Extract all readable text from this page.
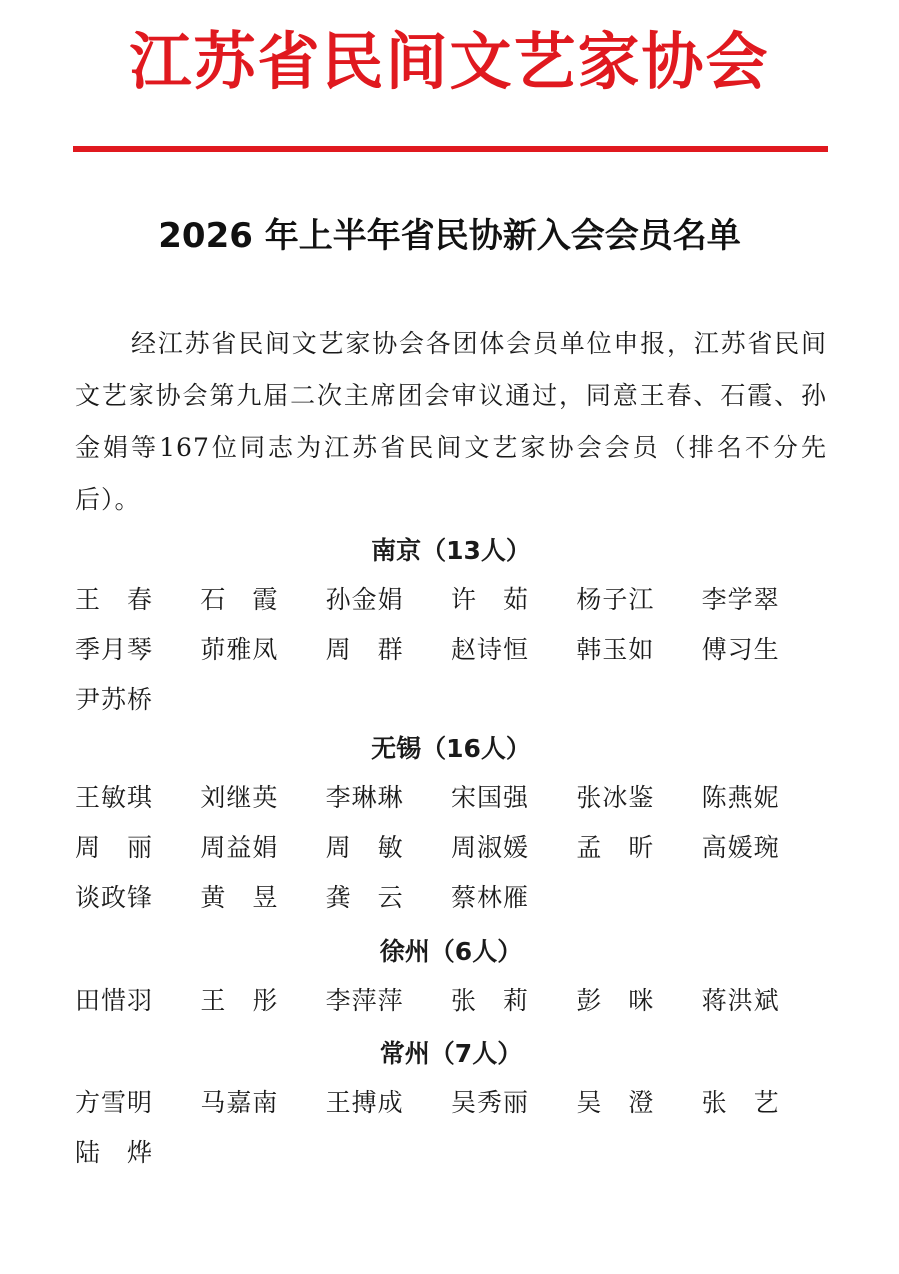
江苏省民间文艺家协会
2026 年上半年省民协新入会会员名单
经江苏省民间文艺家协会各团体会员单位申报，江苏省民间文艺家协会第九届二次主席团会审议通过，同意王春、石霞、孙金娟等167位同志为江苏省民间文艺家协会会员（排名不分先后）。
南京（13人）
王　春	石　霞	孙金娟	许　茹	杨子江	李学翠
季月琴	茆雅凤	周　群	赵诗恒	韩玉如	傅习生
尹苏桥
无锡（16人）
王敏琪	刘继英	李琳琳	宋国强	张冰鉴	陈燕妮
周　丽	周益娟	周　敏	周淑媛	孟　昕	高媛琬
谈政锋	黄　昱	龚　云	蔡林雁
徐州（6人）
田惜羽	王　彤	李萍萍	张　莉	彭　咪	蒋洪斌
常州（7人）
方雪明	马嘉南	王搏成	吴秀丽	吴　澄	张　艺
陆　烨
